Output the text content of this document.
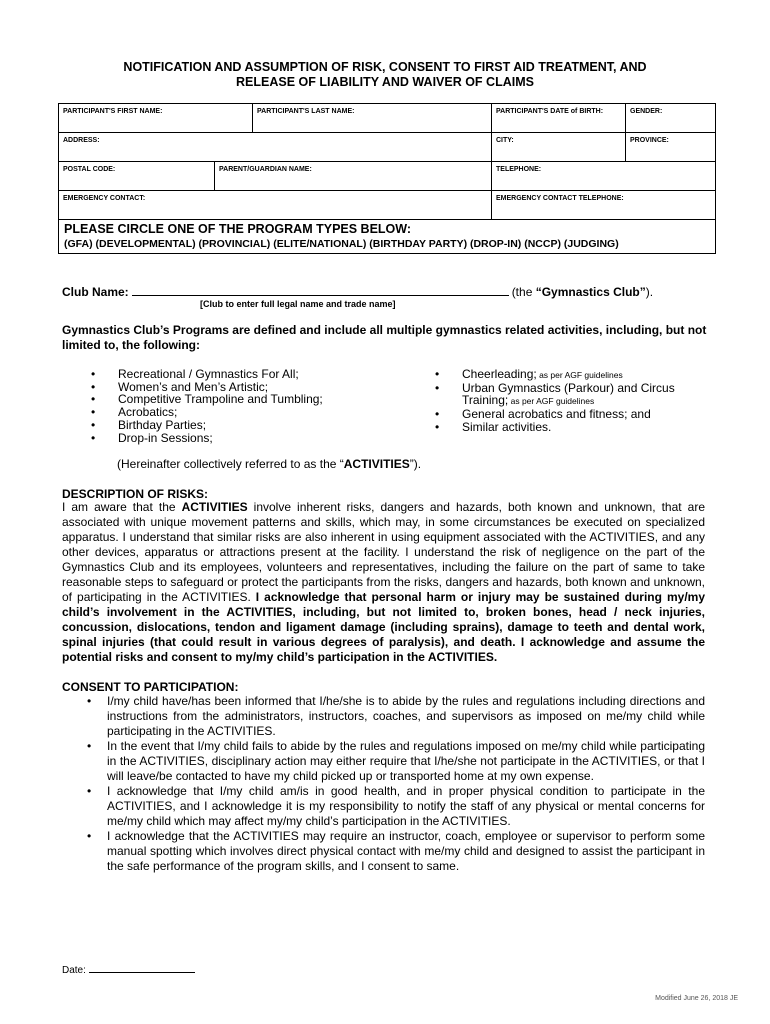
NOTIFICATION AND ASSUMPTION OF RISK, CONSENT TO FIRST AID TREATMENT, AND
RELEASE OF LIABILITY AND WAIVER OF CLAIMS
PARTICIPANT'S FIRST NAME:		PARTICIPANT'S LAST NAME:	PARTICIPANT'S DATE of BIRTH:	GENDER:
ADDRESS:			CITY:	PROVINCE:
POSTAL CODE:	PARENT/GUARDIAN NAME:		TELEPHONE:	
EMERGENCY CONTACT:			EMERGENCY CONTACT TELEPHONE:	

PLEASE CIRCLE ONE OF THE PROGRAM TYPES BELOW:
(GFA) (DEVELOPMENTAL) (PROVINCIAL) (ELITE/NATIONAL) (BIRTHDAY PARTY) (DROP-IN) (NCCP) (JUDGING)				
Club Name:	(the “Gymnastics Club”).
[Club to enter full legal name and trade name]
Gymnastics Club’s Programs are defined and include all multiple gymnastics related activities, including, but not limited to, the following:
• Recreational / Gymnastics For All;
• Women’s and Men’s Artistic;
• Competitive Trampoline and Tumbling;
• Acrobatics;
• Birthday Parties;
• Drop-in Sessions;
• Cheerleading; as per AGF guidelines
• Urban Gymnastics (Parkour) and Circus Training; as per AGF guidelines
• General acrobatics and fitness; and
• Similar activities.
(Hereinafter collectively referred to as the “ACTIVITIES”).
DESCRIPTION OF RISKS:
I am aware that the ACTIVITIES involve inherent risks, dangers and hazards, both known and unknown, that are associated with unique movement patterns and skills, which may, in some circumstances be executed on specialized apparatus. I understand that similar risks are also inherent in using equipment associated with the ACTIVITIES, and any other devices, apparatus or attractions present at the facility. I understand the risk of negligence on the part of the Gymnastics Club and its employees, volunteers and representatives, including the failure on the part of same to take reasonable steps to safeguard or protect the participants from the risks, dangers and hazards, both known and unknown, of participating in the ACTIVITIES. I acknowledge that personal harm or injury may be sustained during my/my child’s involvement in the ACTIVITIES, including, but not limited to, broken bones, head / neck injuries, concussion, dislocations, tendon and ligament damage (including sprains), damage to teeth and dental work, spinal injuries (that could result in various degrees of paralysis), and death. I acknowledge and assume the potential risks and consent to my/my child’s participation in the ACTIVITIES.
CONSENT TO PARTICIPATION:
• I/my child have/has been informed that I/he/she is to abide by the rules and regulations including directions and instructions from the administrators, instructors, coaches, and supervisors as imposed on me/my child while participating in the ACTIVITIES.
• In the event that I/my child fails to abide by the rules and regulations imposed on me/my child while participating in the ACTIVITIES, disciplinary action may either require that I/he/she not participate in the ACTIVITIES, or that I will leave/be contacted to have my child picked up or transported home at my own expense.
• I acknowledge that I/my child am/is in good health, and in proper physical condition to participate in the ACTIVITIES, and I acknowledge it is my responsibility to notify the staff of any physical or mental concerns for me/my child which may affect my/my child’s participation in the ACTIVITIES.
• I acknowledge that the ACTIVITIES may require an instructor, coach, employee or supervisor to perform some manual spotting which involves direct physical contact with me/my child and designed to assist the participant in the safe performance of the program skills, and I consent to same.
Date:
Modified June 26, 2018 JE
